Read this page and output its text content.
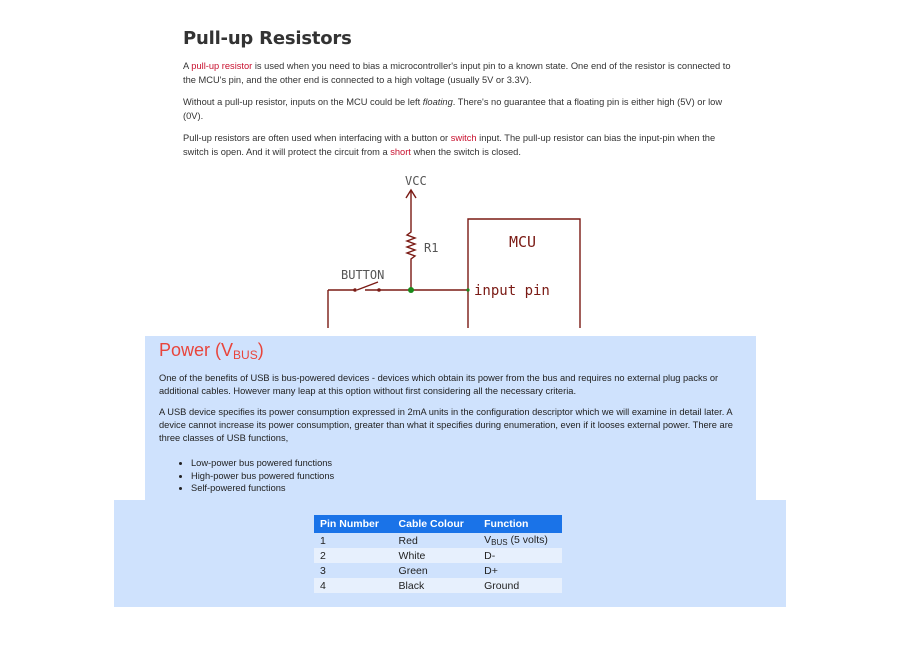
Pull-up Resistors

A pull-up resistor is used when you need to bias a microcontroller's input pin to a known state. One end of the resistor is connected to the MCU's pin, and the other end is connected to a high voltage (usually 5V or 3.3V).

Without a pull-up resistor, inputs on the MCU could be left floating. There's no guarantee that a floating pin is either high (5V) or low (0V).

Pull-up resistors are often used when interfacing with a button or switch input. The pull-up resistor can bias the input-pin when the switch is open. And it will protect the circuit from a short when the switch is closed.

VCC
R1
BUTTON
MCU
input pin
Power $(V_{BUS})$

One of the benefits of USB is bus-powered devices - devices which obtain its power from the bus and requires no external plug packs or additional cables. However many leap at this option without first considering all the necessary criteria.

A USB device specifies its power consumption expressed in 2mA units in the configuration descriptor which we will examine in detail later. A device cannot increase its power consumption, greater than what it specifies during enumeration, even if it looses external power. There are three classes of USB functions,

• Low-power bus powered functions
• High-power bus powered functions
• Self-powered functions
Pin Number	Cable Colour	Function
1	Red	$V_{BUS}$ (5 volts)
2	White	D-
3	Green	D+
4	Black	Ground
